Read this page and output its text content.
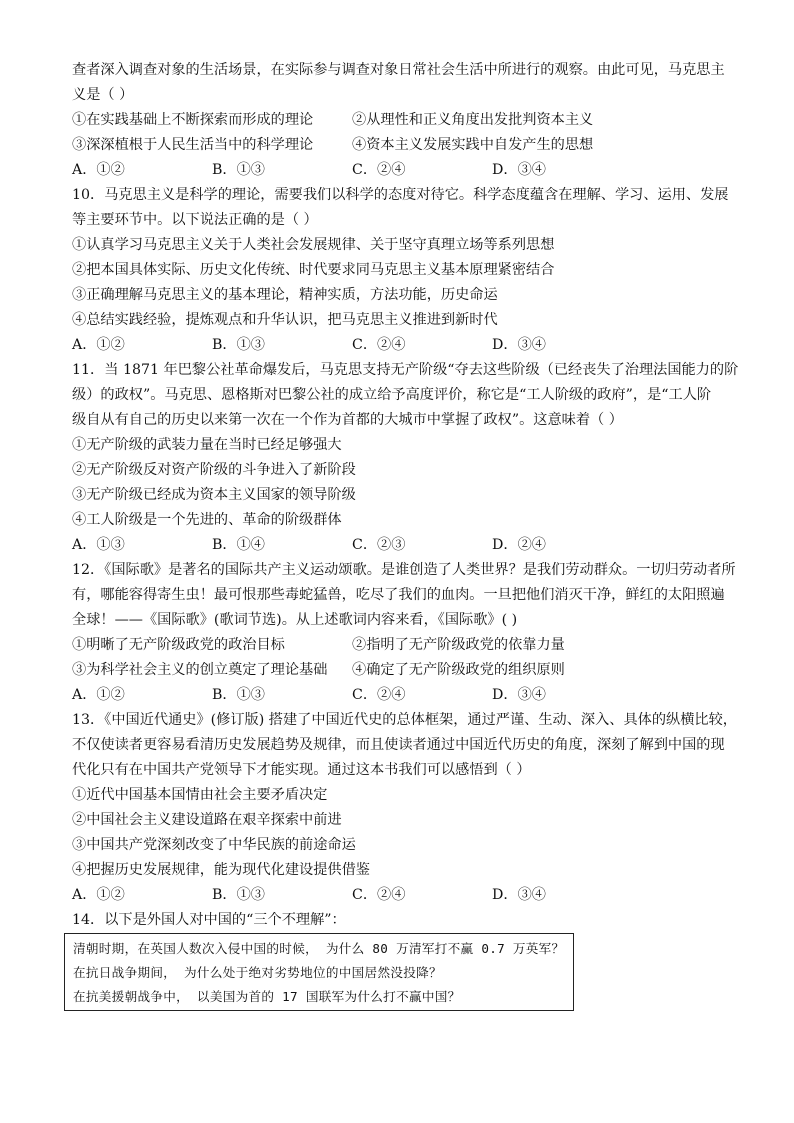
查者深入调查对象的生活场景，在实际参与调查对象日常社会生活中所进行的观察。由此可见，马克思主
义是（ ）
①在实践基础上不断探索而形成的理论	②从理性和正义角度出发批判资本主义
③深深植根于人民生活当中的科学理论	④资本主义发展实践中自发产生的思想
A．①②	B．①③	C．②④	D．③④
10．马克思主义是科学的理论，需要我们以科学的态度对待它。科学态度蕴含在理解、学习、运用、发展
等主要环节中。以下说法正确的是（ ）
①认真学习马克思主义关于人类社会发展规律、关于坚守真理立场等系列思想
②把本国具体实际、历史文化传统、时代要求同马克思主义基本原理紧密结合
③正确理解马克思主义的基本理论，精神实质，方法功能，历史命运
④总结实践经验，提炼观点和升华认识，把马克思主义推进到新时代
A．①②	B．①③	C．②④	D．③④
11．当 1871 年巴黎公社革命爆发后，马克思支持无产阶级“夺去这些阶级（已经丧失了治理法国能力的阶
级）的政权”。马克思、恩格斯对巴黎公社的成立给予高度评价，称它是“工人阶级的政府”，是“工人阶
级自从有自己的历史以来第一次在一个作为首都的大城市中掌握了政权”。这意味着（ ）
①无产阶级的武装力量在当时已经足够强大
②无产阶级反对资产阶级的斗争进入了新阶段
③无产阶级已经成为资本主义国家的领导阶级
④工人阶级是一个先进的、革命的阶级群体
A．①③	B．①④	C．②③	D．②④
12．《国际歌》是著名的国际共产主义运动颂歌。是谁创造了人类世界？是我们劳动群众。一切归劳动者所
有，哪能容得寄生虫！最可恨那些毒蛇猛兽，吃尽了我们的血肉。一旦把他们消灭干净，鲜红的太阳照遍
全球！——《国际歌》(歌词节选)。从上述歌词内容来看，《国际歌》( )
①明晰了无产阶级政党的政治目标	②指明了无产阶级政党的依靠力量
③为科学社会主义的创立奠定了理论基础 ④确定了无产阶级政党的组织原则
A．①②	B．①③	C．②④	D．③④
13．《中国近代通史》(修订版) 搭建了中国近代史的总体框架，通过严谨、生动、深入、具体的纵横比较，
不仅使读者更容易看清历史发展趋势及规律，而且使读者通过中国近代历史的角度，深刻了解到中国的现
代化只有在中国共产党领导下才能实现。通过这本书我们可以感悟到（ ）
①近代中国基本国情由社会主要矛盾决定
②中国社会主义建设道路在艰辛探索中前进
③中国共产党深刻改变了中华民族的前途命运
④把握历史发展规律，能为现代化建设提供借鉴
A．①②	B．①③	C．②④	D．③④
14．以下是外国人对中国的“三个不理解”：
清朝时期，在英国人数次入侵中国的时候， 为什么 80 万清军打不赢 0.7 万英军？
在抗日战争期间， 为什么处于绝对劣势地位的中国居然没投降？
在抗美援朝战争中， 以美国为首的 17 国联军为什么打不赢中国？
